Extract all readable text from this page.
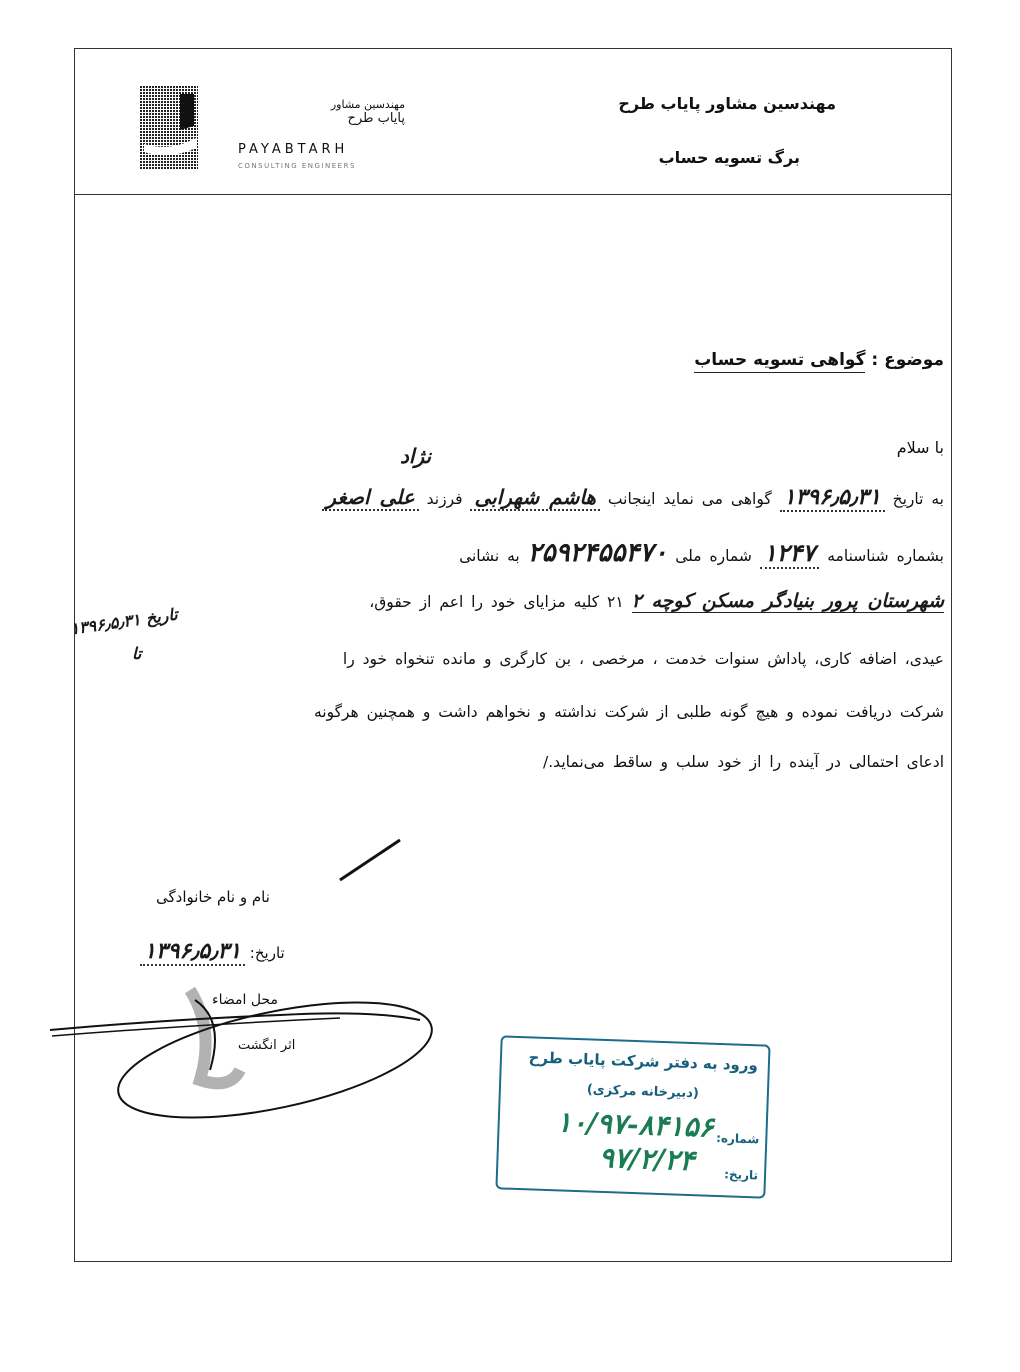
مهندسین مشاور
پایاب طرح
PAYABTARH
CONSULTING ENGINEERS
مهندسین مشاور پایاب طرح
برگ تسویه حساب
موضوع : گواهی تسویه حساب
با سلام
نژاد
به تاریخ ۱۳۹۶٫۵٫۳۱ گواهی می نماید اینجانب هاشم شهرابی فرزند علی اصغر
بشماره شناسنامه ۱۲۴۷ شماره ملی ۲۵۹۲۴۵۵۴۷۰ به نشانی
شهرستان پرور بنیادگر مسکن کوچه ۲ ۲۱ کلیه مزایای خود را اعم از حقوق،
تاریخ ۱۳۹۶٫۵٫۳۱
عیدی، اضافه کاری، پاداش سنوات خدمت ، مرخصی ، بن کارگری و مانده تنخواه خود را
تا
شرکت دریافت نموده و هیچ گونه طلبی از شرکت نداشته و نخواهم داشت و همچنین هرگونه
ادعای احتمالی در آینده را از خود سلب و ساقط می‌نماید./
نام و نام خانوادگی
تاریخ: ۱۳۹۶٫۵٫۳۱
محل امضاء
اثر انگشت
ورود به دفتر شرکت پایاب طرح
(دبیرخانه مرکزی)
شماره:
۱۰/۹۷-۸۴۱۵۶
تاریخ:
۹۷/۲/۲۴
